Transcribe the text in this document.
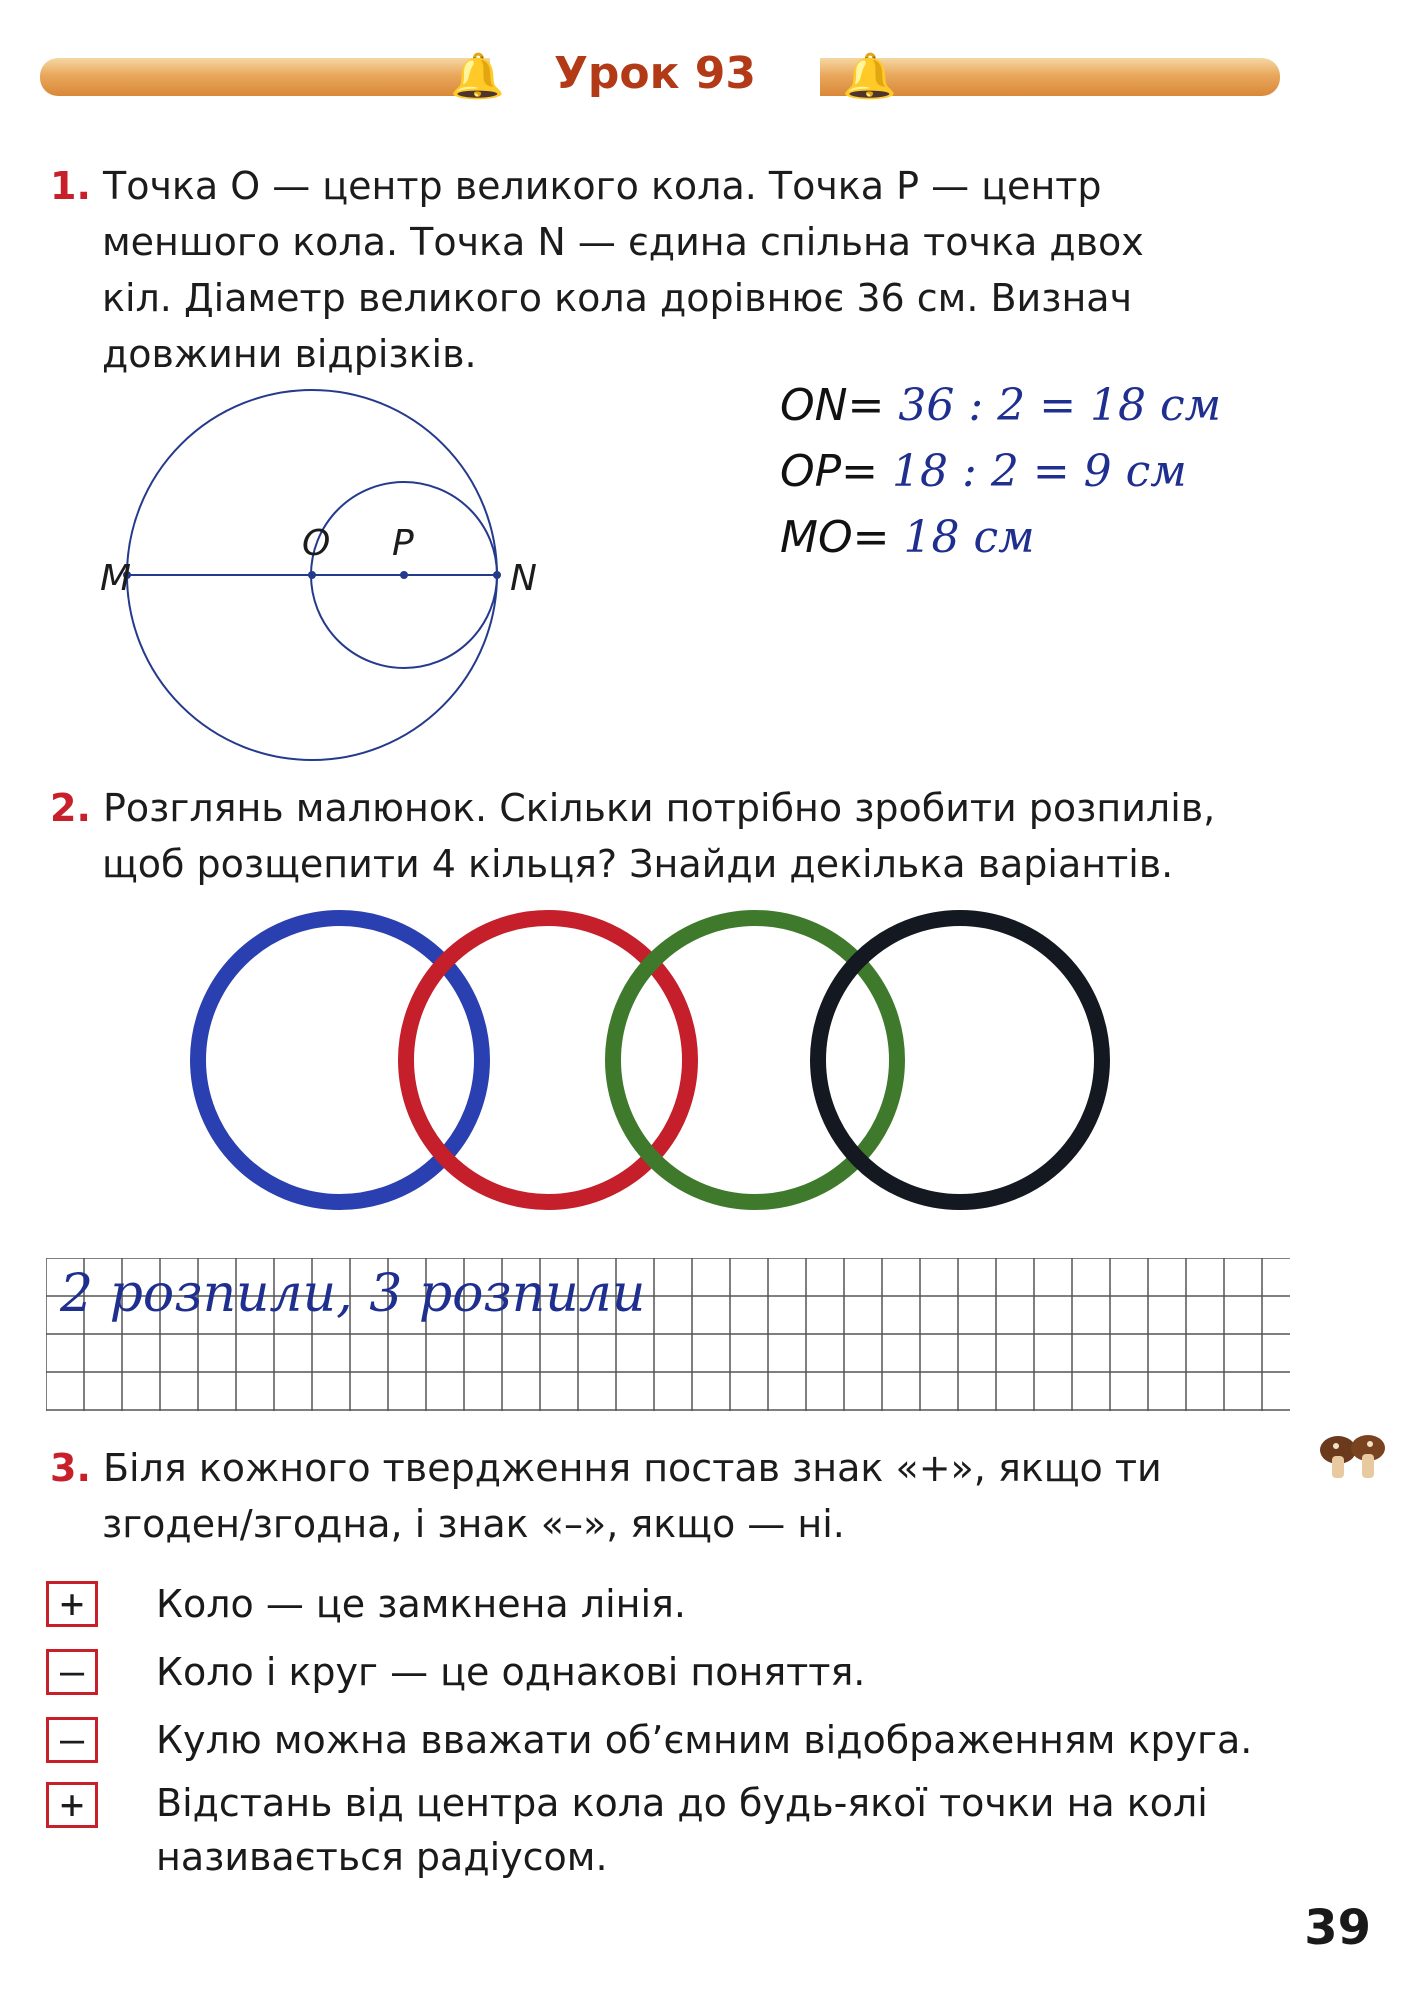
🔔	🔔
Урок 93
1. Точка O — центр великого кола. Точка P — центр
меншого кола. Точка N — єдина спільна точка двох
кіл. Діаметр великого кола дорівнює 36 см. Визнач
довжини відрізків.
M
O P
N
ON= 36 : 2 = 18 см
OP= 18 : 2 = 9 см
MO= 18 см
2. Розглянь малюнок. Скільки потрібно зробити розпилів,
щоб розщепити 4 кільця? Знайди декілька варіантів.
2 розпили, 3 розпили
3. Біля кожного твердження постав знак «+», якщо ти
згоден/згодна, і знак «–», якщо — ні.
+	Коло — це замкнена лінія.
–	Коло і круг — це однакові поняття.
–	Кулю можна вважати об’ємним відображенням круга.
+	Відстань від центра кола до будь-якої точки на колі
називається радіусом.
39
